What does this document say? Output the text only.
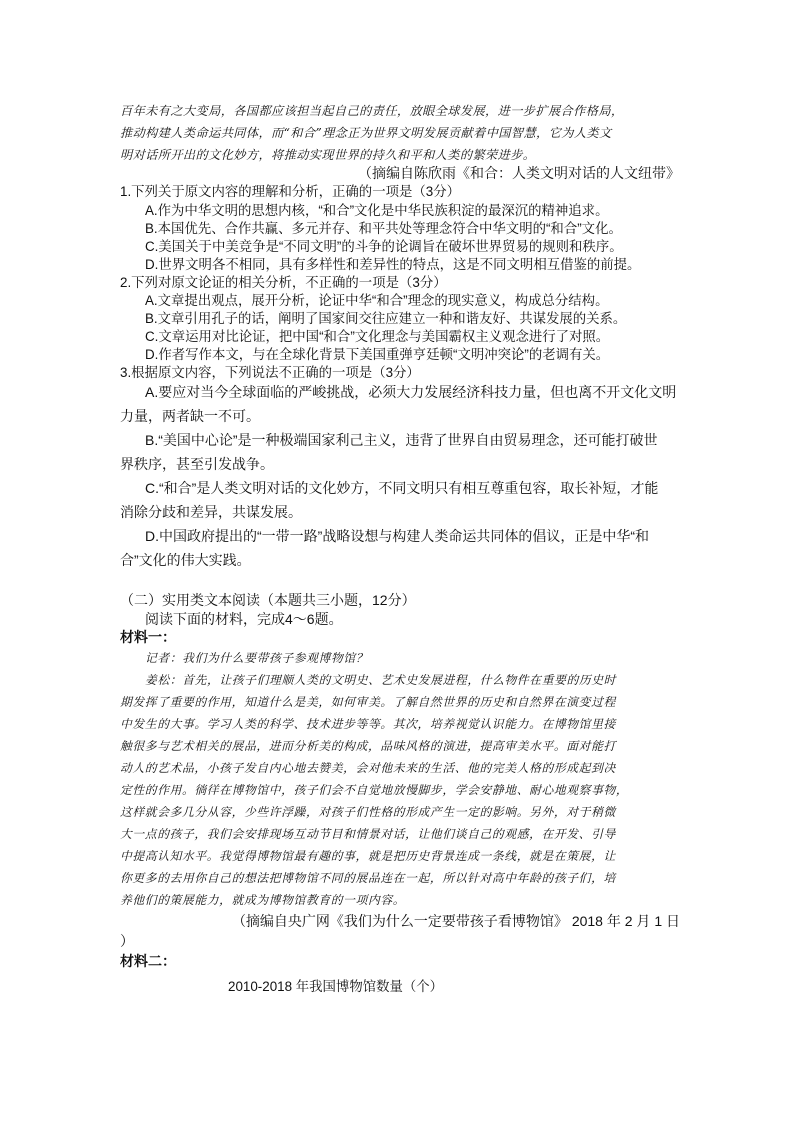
百年未有之大变局，各国都应该担当起自己的责任，放眼全球发展，进一步扩展合作格局，
推动构建人类命运共同体，而“和合”理念正为世界文明发展贡献着中国智慧，它为人类文
明对话所开出的文化妙方，将推动实现世界的持久和平和人类的繁荣进步。
（摘编自陈欣雨《和合：人类文明对话的人文纽带》
1.下列关于原文内容的理解和分析，正确的一项是（3分）
A.作为中华文明的思想内核，“和合”文化是中华民族积淀的最深沉的精神追求。
B.本国优先、合作共赢、多元并存、和平共处等理念符合中华文明的“和合”文化。
C.美国关于中美竞争是“不同文明”的斗争的论调旨在破坏世界贸易的规则和秩序。
D.世界文明各不相同，具有多样性和差异性的特点，这是不同文明相互借鉴的前提。
2.下列对原文论证的相关分析，不正确的一项是（3分）
A.文章提出观点，展开分析，论证中华“和合”理念的现实意义，构成总分结构。
B.文章引用孔子的话，阐明了国家间交往应建立一种和谐友好、共谋发展的关系。
C.文章运用对比论证，把中国“和合”文化理念与美国霸权主义观念进行了对照。
D.作者写作本文，与在全球化背景下美国重弹亨廷顿“文明冲突论”的老调有关。
3.根据原文内容，下列说法不正确的一项是（3分）
A.要应对当今全球面临的严峻挑战，必须大力发展经济科技力量，但也离不开文化文明
力量，两者缺一不可。
B.“美国中心论”是一种极端国家利己主义，违背了世界自由贸易理念，还可能打破世
界秩序，甚至引发战争。
C.“和合”是人类文明对话的文化妙方，不同文明只有相互尊重包容，取长补短，才能
消除分歧和差异，共谋发展。
D.中国政府提出的“一带一路”战略设想与构建人类命运共同体的倡议，正是中华“和
合”文化的伟大实践。
（二）实用类文本阅读（本题共三小题，12分）
阅读下面的材料，完成4～6题。
材料一：
记者：我们为什么要带孩子参观博物馆？
姜松：首先，让孩子们理顺人类的文明史、艺术史发展进程，什么物件在重要的历史时
期发挥了重要的作用，知道什么是美，如何审美。了解自然世界的历史和自然界在演变过程
中发生的大事。学习人类的科学、技术进步等等。其次，培养视觉认识能力。在博物馆里接
触很多与艺术相关的展品，进而分析美的构成，品味风格的演进，提高审美水平。面对能打
动人的艺术品，小孩子发自内心地去赞美，会对他未来的生活、他的完美人格的形成起到决
定性的作用。徜徉在博物馆中，孩子们会不自觉地放慢脚步，学会安静地、耐心地观察事物，
这样就会多几分从容，少些许浮躁，对孩子们性格的形成产生一定的影响。另外，对于稍微
大一点的孩子，我们会安排现场互动节目和情景对话，让他们谈自己的观感，在开发、引导
中提高认知水平。我觉得博物馆最有趣的事，就是把历史背景连成一条线，就是在策展，让
你更多的去用你自己的想法把博物馆不同的展品连在一起，所以针对高中年龄的孩子们，培
养他们的策展能力，就成为博物馆教育的一项内容。
（摘编自央广网《我们为什么一定要带孩子看博物馆》 2018 年 2 月 1 日
）
材料二：
2010-2018 年我国博物馆数量（个）
